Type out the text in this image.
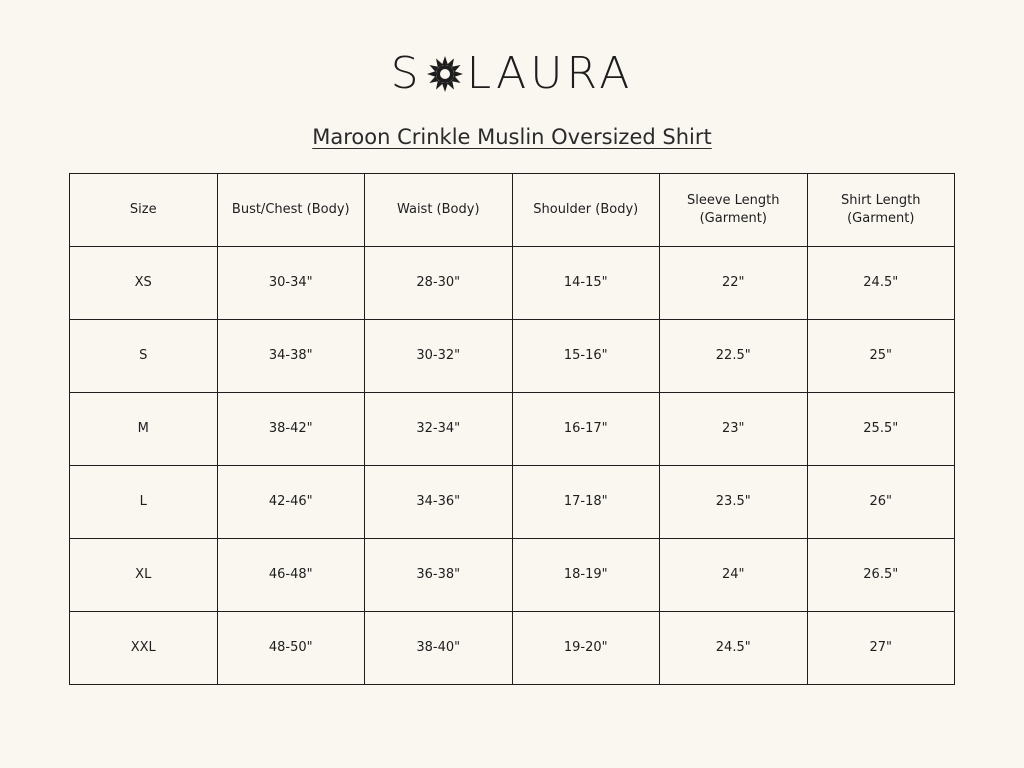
S LAURA
Maroon Crinkle Muslin Oversized Shirt
Size	Bust/Chest (Body)	Waist (Body)	Shoulder (Body)	Sleeve Length (Garment)	Shirt Length (Garment)
XS	30-34"	28-30"	14-15"	22"	24.5"
S	34-38"	30-32"	15-16"	22.5"	25"
M	38-42"	32-34"	16-17"	23"	25.5"
L	42-46"	34-36"	17-18"	23.5"	26"
XL	46-48"	36-38"	18-19"	24"	26.5"
XXL	48-50"	38-40"	19-20"	24.5"	27"
